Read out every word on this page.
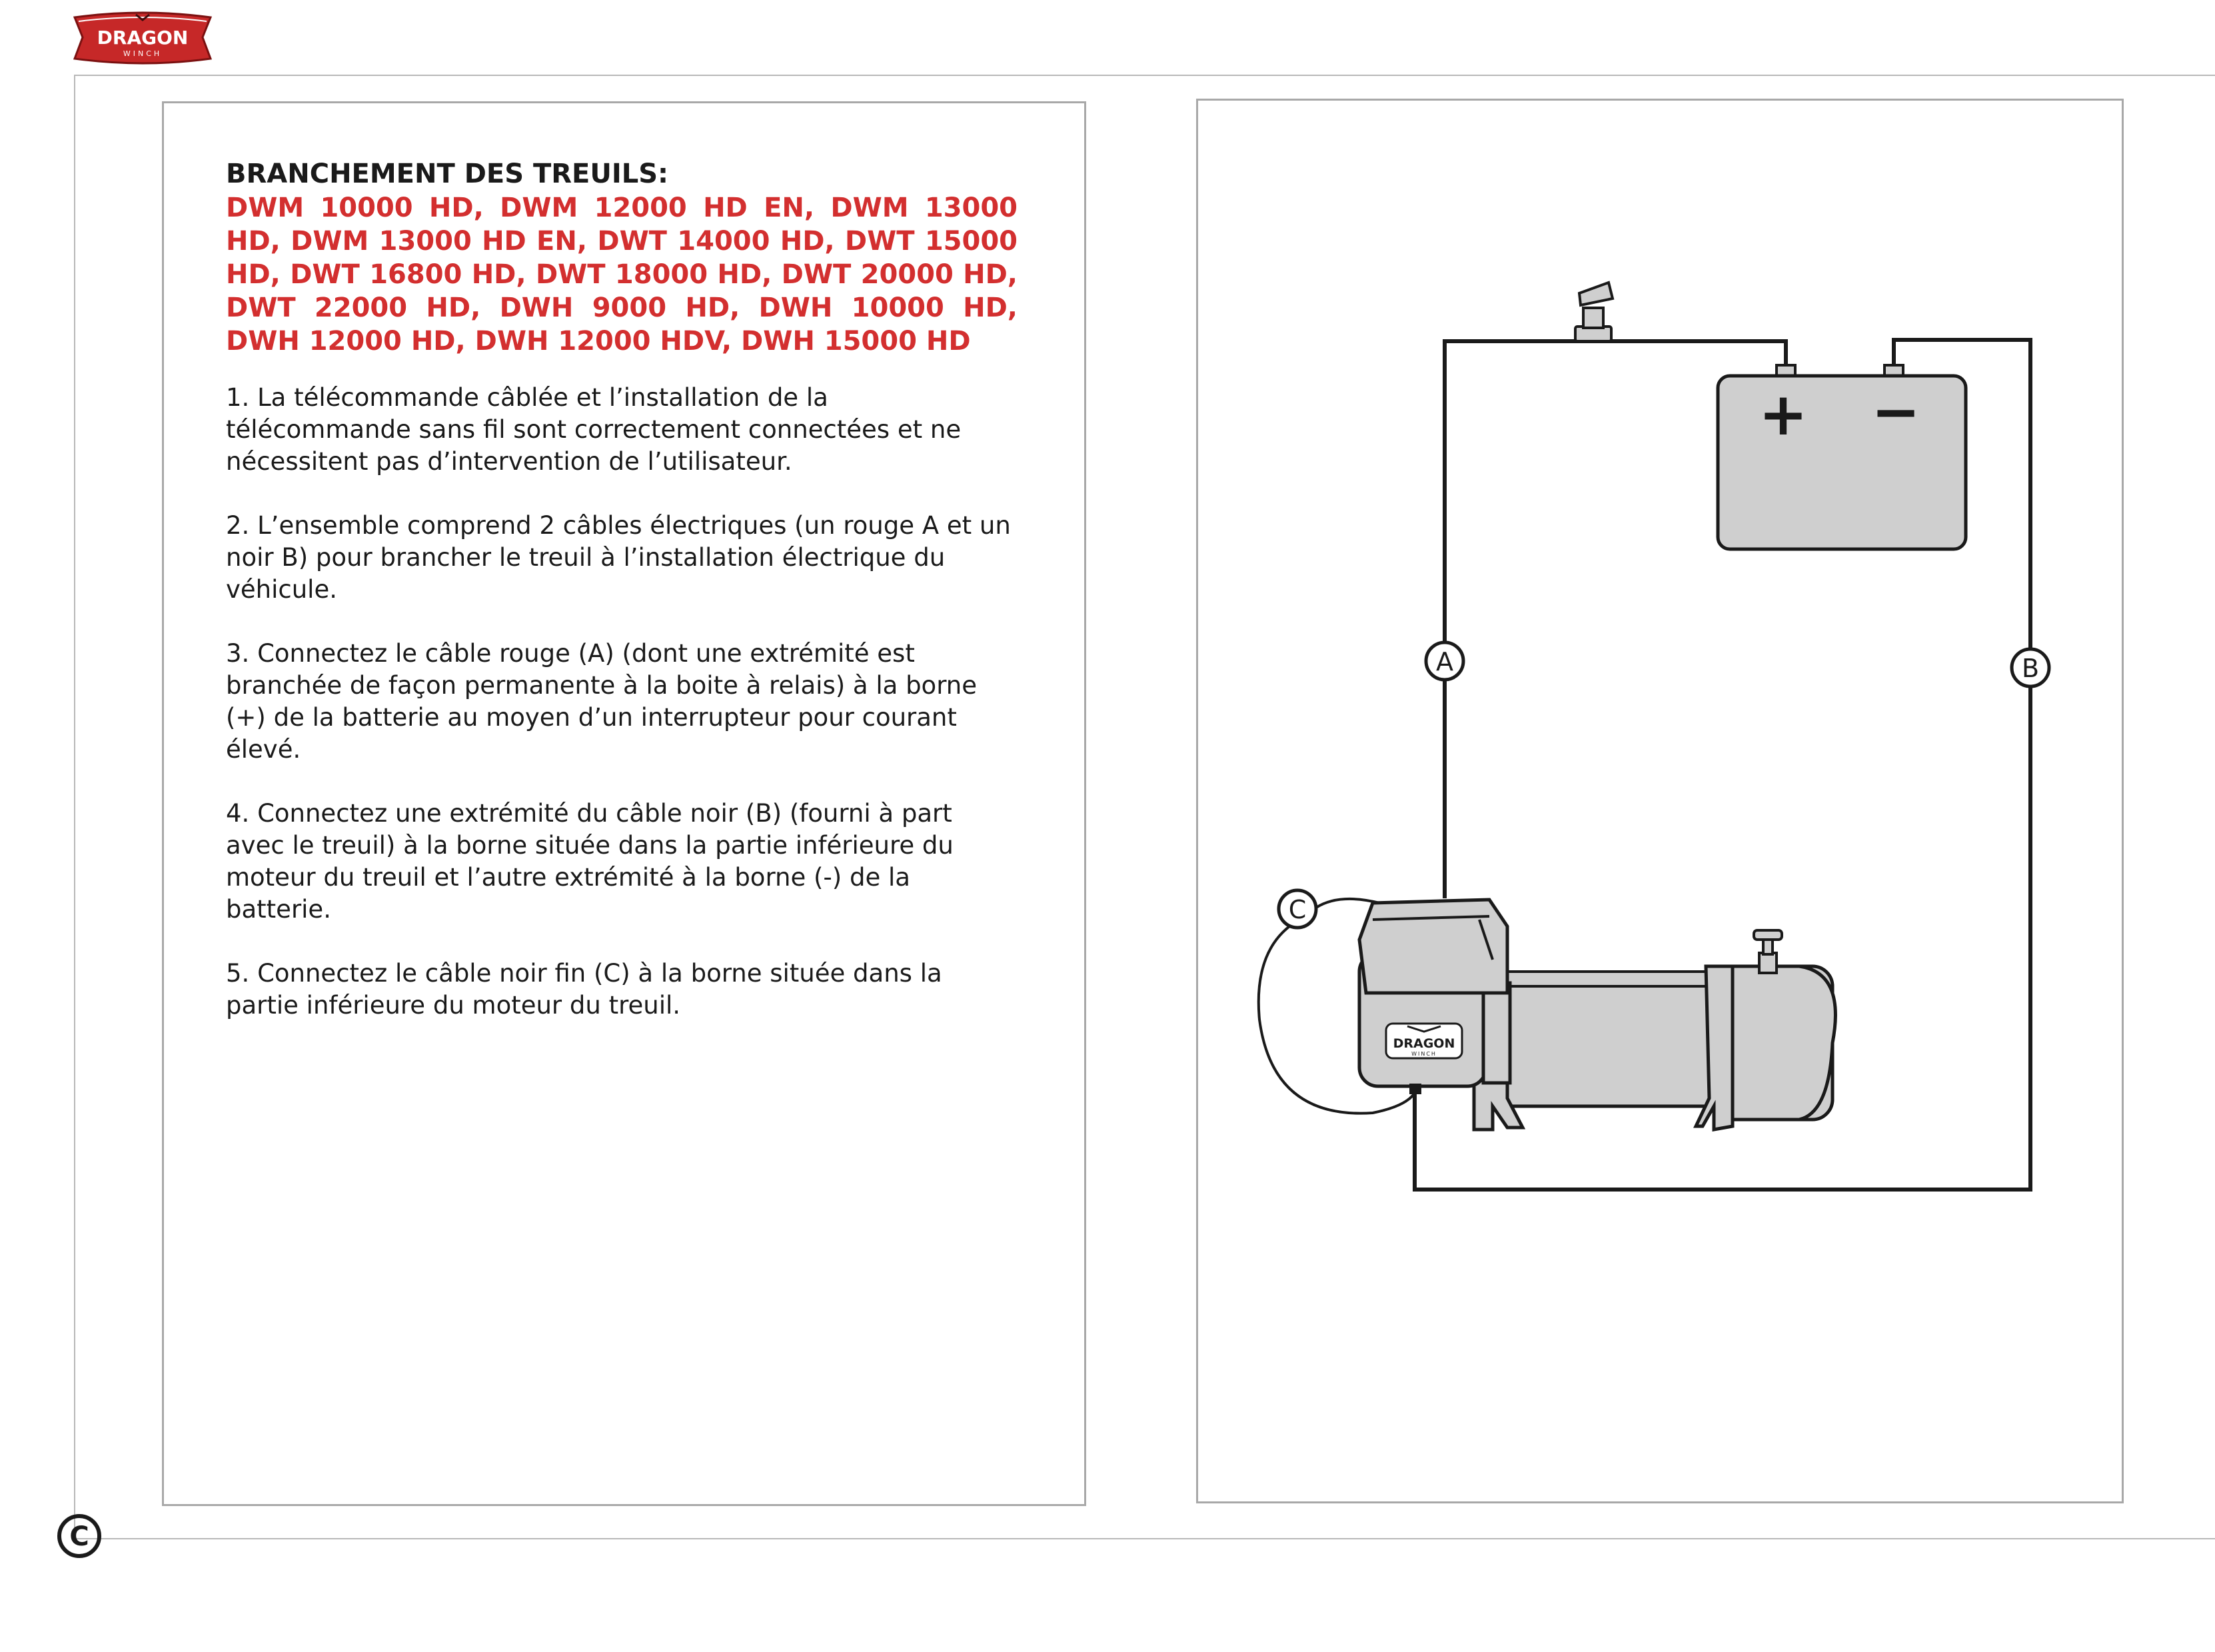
DRAGON
WINCH

BRANCHEMENT DES TREUILS:

DWM 10000 HD, DWM 12000 HD EN, DWM 13000 HD, DWM 13000 HD EN, DWT 14000 HD, DWT 15000 HD, DWT 16800 HD, DWT 18000 HD, DWT 20000 HD, DWT 22000 HD, DWH 9000 HD, DWH 10000 HD, DWH 12000 HD, DWH 12000 HDV, DWH 15000 HD

1. La télécommande câblée et l’installation de la télécommande sans fil sont correctement connectées et ne nécessitent pas d’intervention de l’utilisateur.

2. L’ensemble comprend 2 câbles électriques (un rouge A et un noir B) pour brancher le treuil à l’installation électrique du véhicule.

3. Connectez le câble rouge (A) (dont une extrémité est branchée de façon permanente à la boite à relais) à la borne (+) de la batterie au moyen d’un interrupteur pour courant élevé.

4. Connectez une extrémité du câble noir (B) (fourni à part avec le treuil) à la borne située dans la partie inférieure du moteur du treuil et l’autre extrémité à la borne (-) de la batterie.

5. Connectez le câble noir fin (C) à la borne située dans la partie inférieure du moteur du treuil.

+ −
A	B
C
DRAGON
WINCH
C
